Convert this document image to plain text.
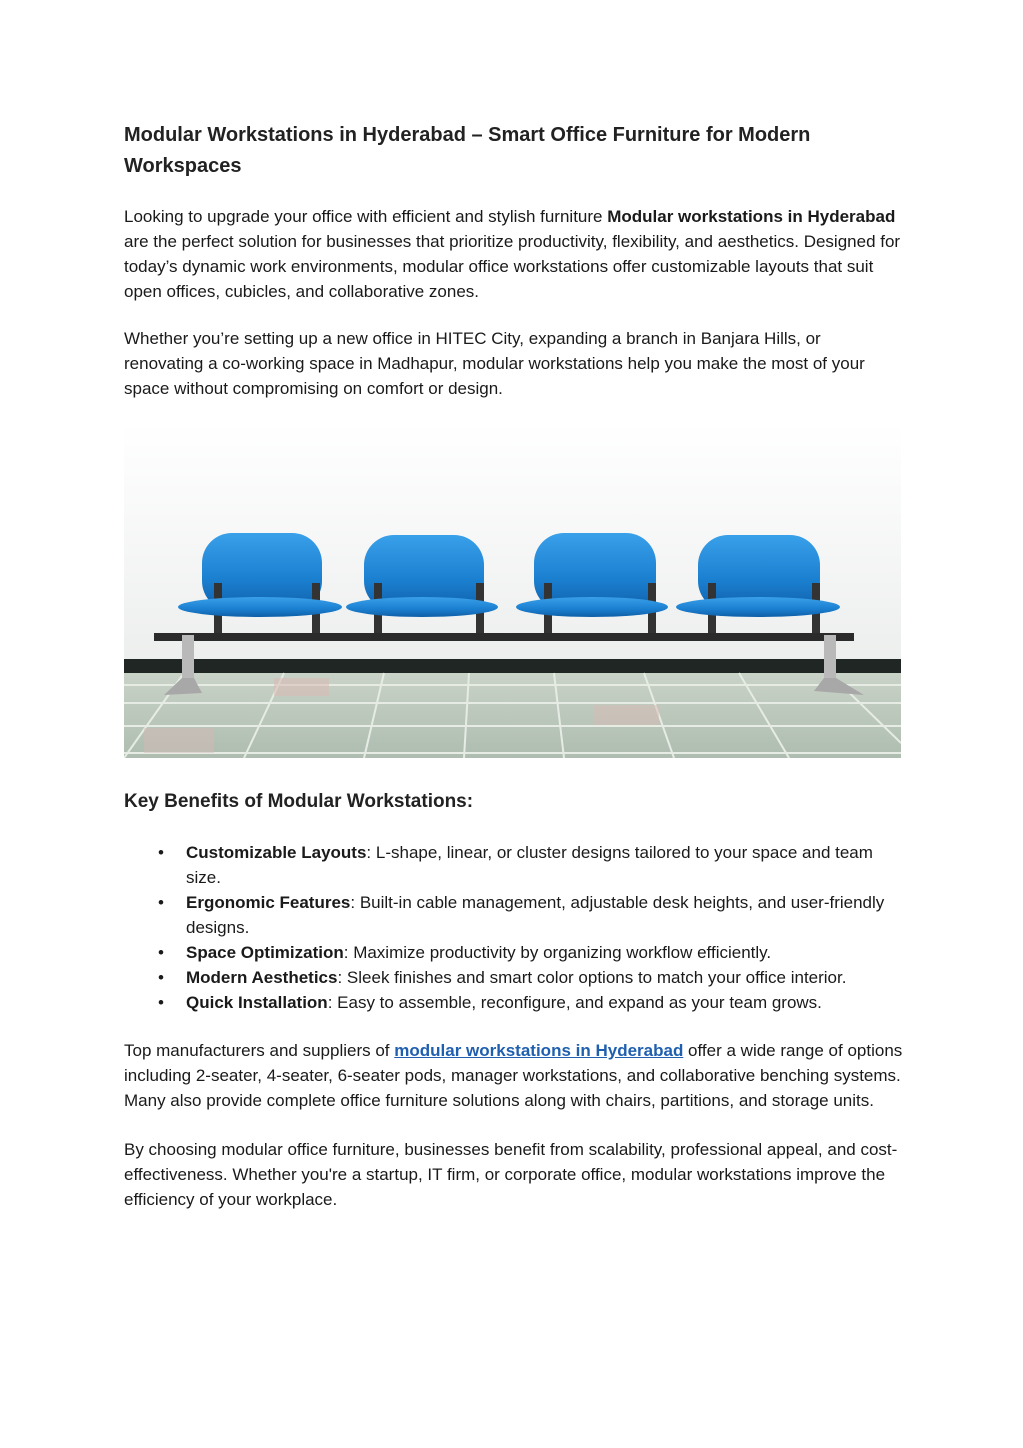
Modular Workstations in Hyderabad – Smart Office Furniture for Modern Workspaces

Looking to upgrade your office with efficient and stylish furniture Modular workstations in Hyderabad are the perfect solution for businesses that prioritize productivity, flexibility, and aesthetics. Designed for today’s dynamic work environments, modular office workstations offer customizable layouts that suit open offices, cubicles, and collaborative zones.

Whether you’re setting up a new office in HITEC City, expanding a branch in Banjara Hills, or renovating a co-working space in Madhapur, modular workstations help you make the most of your space without compromising on comfort or design.

Key Benefits of Modular Workstations:
• Customizable Layouts: L-shape, linear, or cluster designs tailored to your space and team size.
• Ergonomic Features: Built-in cable management, adjustable desk heights, and user-friendly designs.
• Space Optimization: Maximize productivity by organizing workflow efficiently.
• Modern Aesthetics: Sleek finishes and smart color options to match your office interior.
• Quick Installation: Easy to assemble, reconfigure, and expand as your team grows.

Top manufacturers and suppliers of modular workstations in Hyderabad offer a wide range of options including 2-seater, 4-seater, 6-seater pods, manager workstations, and collaborative benching systems. Many also provide complete office furniture solutions along with chairs, partitions, and storage units.

By choosing modular office furniture, businesses benefit from scalability, professional appeal, and cost-effectiveness. Whether you're a startup, IT firm, or corporate office, modular workstations improve the efficiency of your workplace.
